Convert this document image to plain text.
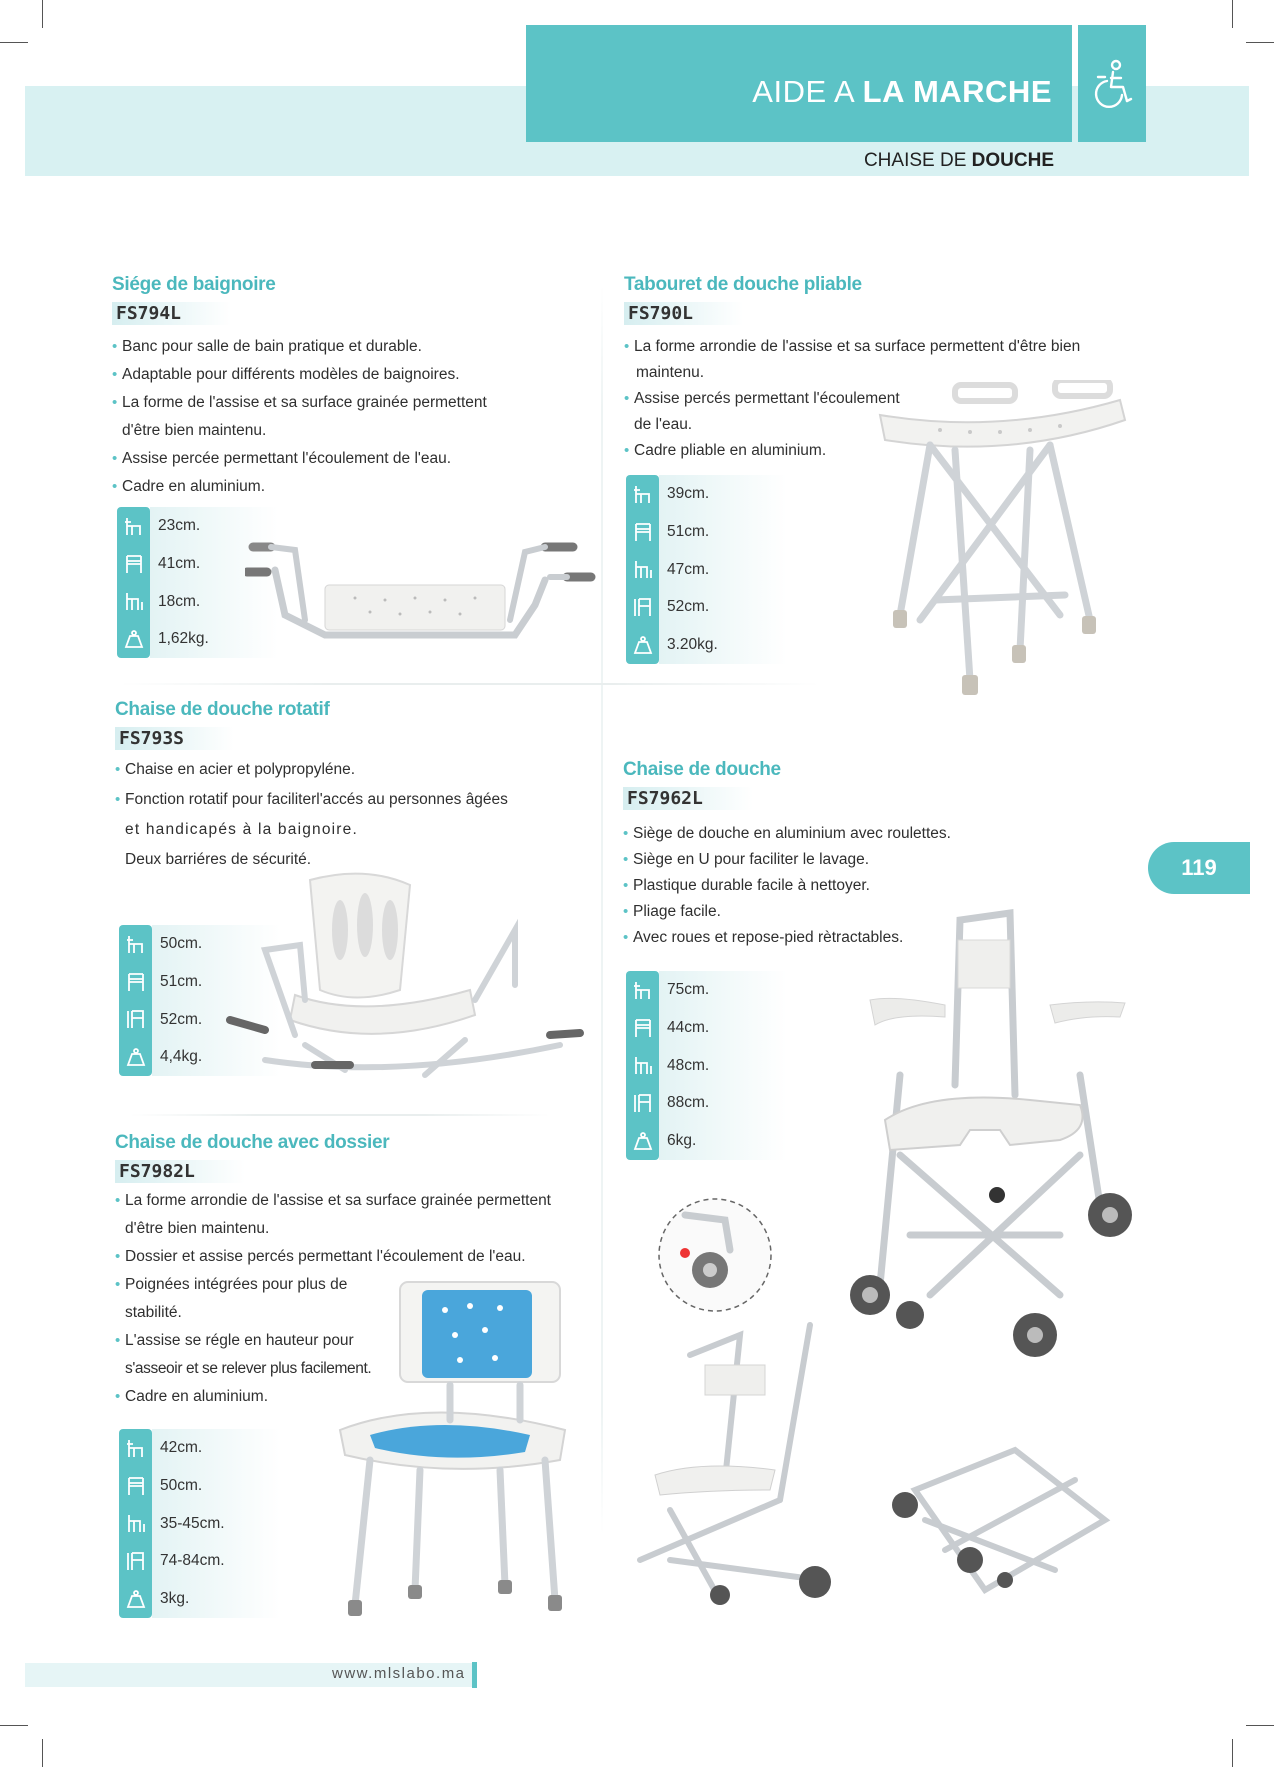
AIDE A LA MARCHE
CHAISE DE DOUCHE
119
Siége de baignoire
FS794L
• Banc pour salle de bain pratique et durable.
• Adaptable pour différents modèles de baignoires.
• La forme de l'assise et sa surface grainée permettent
d'être bien maintenu.
• Assise percée permettant l'écoulement de l'eau.
• Cadre en aluminium.
23cm.
41cm.
18cm.
1,62kg.
Tabouret de douche pliable
FS790L
• La forme arrondie de l'assise et sa surface permettent d'être bien
maintenu.
• Assise percés permettant l'écoulement
de l'eau.
• Cadre pliable en aluminium.
39cm.
51cm.
47cm.
52cm.
3.20kg.
Chaise de douche rotatif
FS793S
• Chaise en acier et polypropyléne.
• Fonction rotatif pour faciliterl'accés au personnes âgées
et handicapés à la baignoire.
Deux barriéres de sécurité.
50cm.
51cm.
52cm.
4,4kg.
Chaise de douche
FS7962L
• Siège de douche en aluminium avec roulettes.
• Siège en U pour faciliter le lavage.
• Plastique durable facile à nettoyer.
• Pliage facile.
• Avec roues et repose-pied rètractables.
75cm.
44cm.
48cm.
88cm.
6kg.
Chaise de douche avec dossier
FS7982L
• La forme arrondie de l'assise et sa surface grainée permettent
d'être bien maintenu.
• Dossier et assise percés permettant l'écoulement de l'eau.
• Poignées intégrées pour plus de
stabilité.
• L'assise se régle en hauteur pour
s'asseoir et se relever plus facilement.
• Cadre en aluminium.
42cm.
50cm.
35-45cm.
74-84cm.
3kg.
www.mlslabo.ma
